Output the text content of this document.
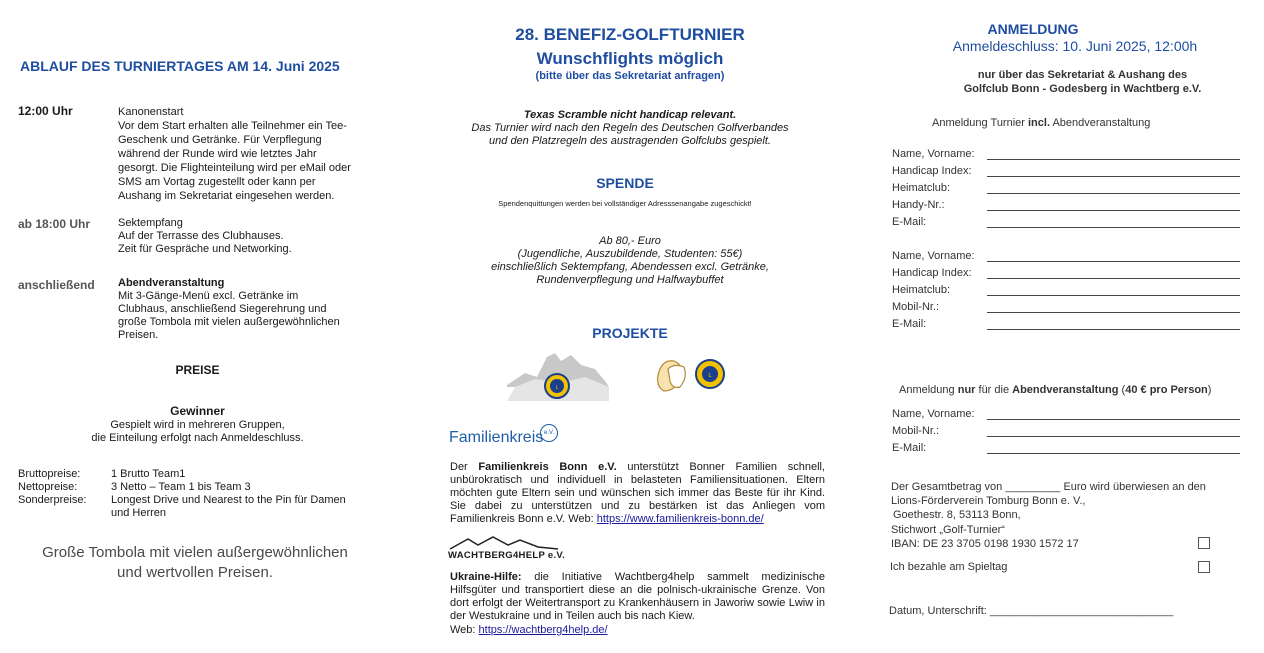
ABLAUF DES TURNIERTAGES AM 14. Juni 2025
12:00 Uhr	Kanonenstart
Vor dem Start erhalten alle Teilnehmer ein Tee-
Geschenk und Getränke. Für Verpflegung
während der Runde wird wie letztes Jahr
gesorgt. Die Flighteinteilung wird per eMail oder
SMS am Vortag zugestellt oder kann per
Aushang im Sekretariat eingesehen werden.
ab 18:00 Uhr	Sektempfang
Auf der Terrasse des Clubhauses.
Zeit für Gespräche und Networking.
anschließend Abendveranstaltung
Mit 3-Gänge-Menü excl. Getränke im
Clubhaus, anschließend Siegerehrung und
große Tombola mit vielen außergewöhnlichen
Preisen.
PREISE
Gewinner
Gespielt wird in mehreren Gruppen,
die Einteilung erfolgt nach Anmeldeschluss.
Bruttopreise:	1 Brutto Team1
Nettopreise:	3 Netto – Team 1 bis Team 3
Sonderpreise:	Longest Drive und Nearest to the Pin für Damen
und Herren
Große Tombola mit vielen außergewöhnlichen
und wertvollen Preisen.
28. BENEFIZ-GOLFTURNIER
Wunschflights möglich
(bitte über das Sekretariat anfragen)
Texas Scramble nicht handicap relevant.
Das Turnier wird nach den Regeln des Deutschen Golfverbandes
und den Platzregeln des austragenden Golfclubs gespielt.
SPENDE
Spendenquittungen werden bei vollständiger Adresssenangabe zugeschickt!
Ab 80,- Euro
(Jugendliche, Auszubildende, Studenten: 55€)
einschließlich Sektempfang, Abendessen excl. Getränke,
Rundenverpflegung und Halfwaybuffet
PROJEKTE
L
L
Familienkreis e.V.
Der Familienkreis Bonn e.V. unterstützt Bonner Familien schnell, unbürokratisch und individuell in belasteten Familiensituationen. Eltern möchten gute Eltern sein und wünschen sich immer das Beste für ihr Kind. Sie dabei zu unterstützen und zu bestärken ist das Anliegen vom Familienkreis Bonn e.V. Web: https://www.familienkreis-bonn.de/
WACHTBERG4HELP e.V.
Ukraine-Hilfe: die Initiative Wachtberg4help sammelt medizinische Hilfsgüter und transportiert diese an die polnisch-ukrainische Grenze. Von dort erfolgt der Weitertransport zu Krankenhäusern in Jaworiw sowie Lwiw in der Westukraine und in Teilen auch bis nach Kiew.
Web: https://wachtberg4help.de/
ANMELDUNG
Anmeldeschluss: 10. Juni 2025, 12:00h
nur über das Sekretariat & Aushang des
Golfclub Bonn - Godesberg in Wachtberg e.V.
Anmeldung Turnier incl. Abendveranstaltung
Name, Vorname:
Handicap Index:
Heimatclub:
Handy-Nr.:
E-Mail:
Name, Vorname:
Handicap Index:
Heimatclub:
Mobil-Nr.:
E-Mail:
Anmeldung nur für die Abendveranstaltung (40 € pro Person)
Name, Vorname:
Mobil-Nr.:
E-Mail:
Der Gesamtbetrag von _________ Euro wird überwiesen an den
Lions-Förderverein Tomburg Bonn e. V.,
Goethestr. 8, 53113 Bonn,
Stichwort „Golf-Turnier“
IBAN: DE 23 3705 0198 1930 1572 17
Ich bezahle am Spieltag
Datum, Unterschrift: ______________________________
